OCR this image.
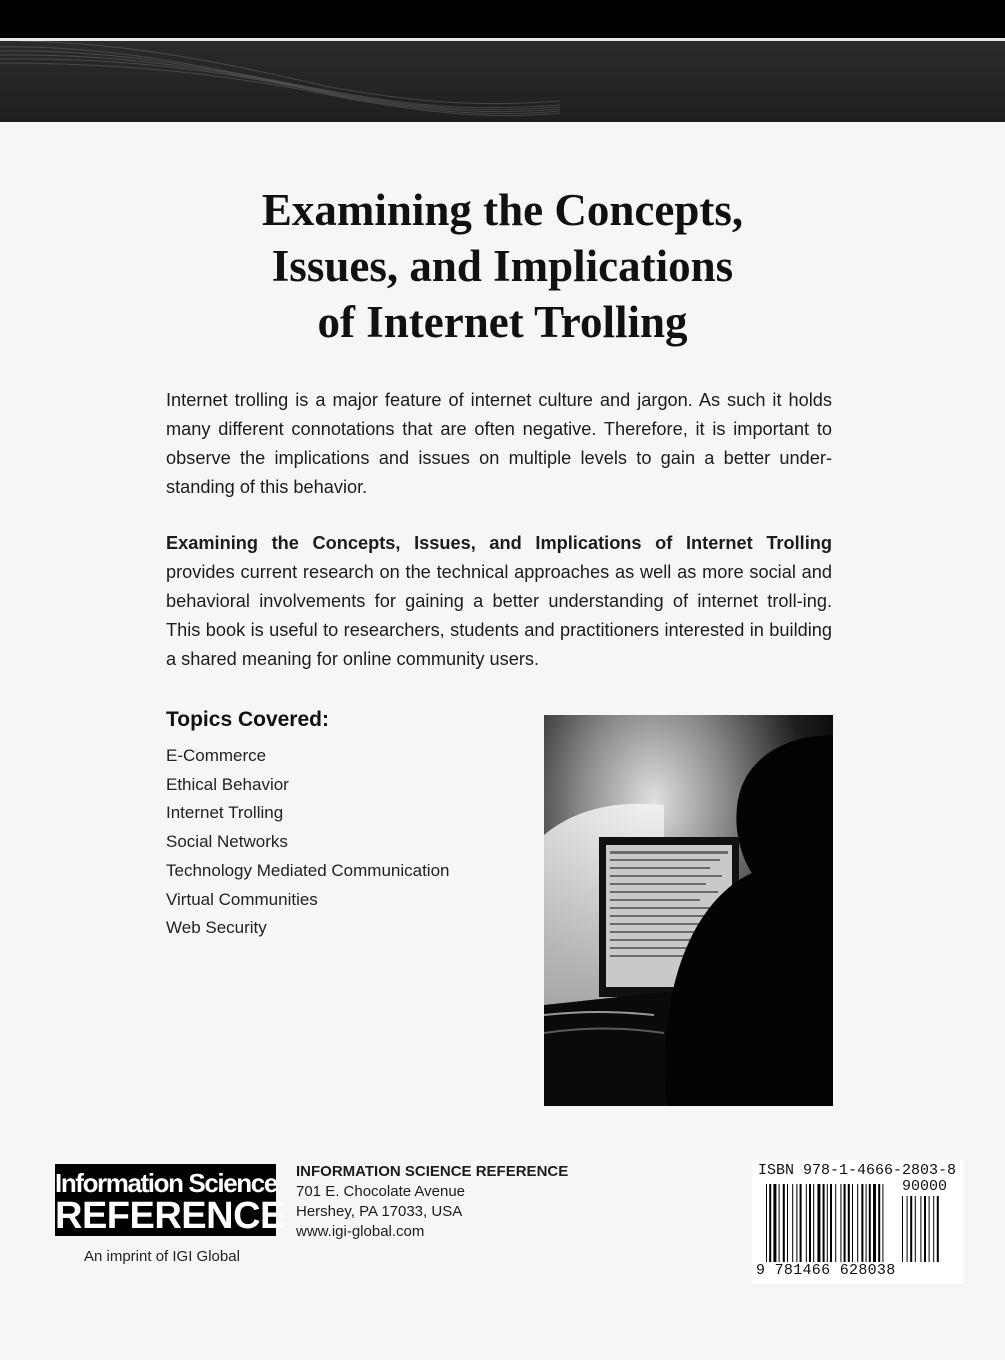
Examining the Concepts,
Issues, and Implications
of Internet Trolling
Internet trolling is a major feature of internet culture and jargon. As such it holds many different connotations that are often negative. Therefore, it is important to observe the implications and issues on multiple levels to gain a better under-standing of this behavior.
Examining the Concepts, Issues, and Implications of Internet Trolling provides current research on the technical approaches as well as more social and behavioral involvements for gaining a better understanding of internet troll-ing. This book is useful to researchers, students and practitioners interested in building a shared meaning for online community users.
Topics Covered:
E-Commerce
Ethical Behavior
Internet Trolling
Social Networks
Technology Mediated Communication
Virtual Communities
Web Security
Information Science
REFERENCE
An imprint of IGI Global
INFORMATION SCIENCE REFERENCE
701 E. Chocolate Avenue
Hershey, PA 17033, USA
www.igi-global.com
ISBN 978-1-4666-2803-8
90000
9 781466 628038
